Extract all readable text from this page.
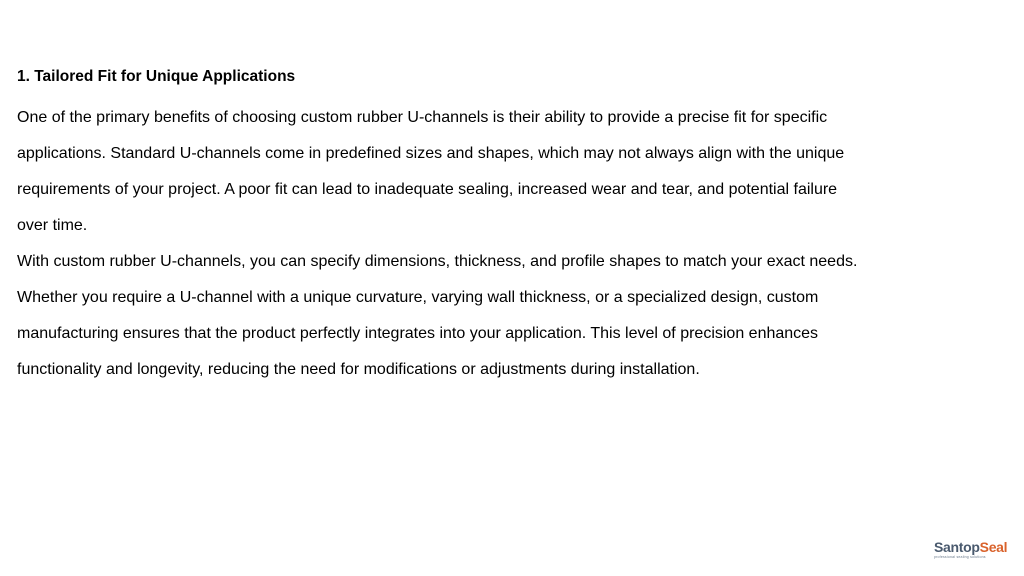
1. Tailored Fit for Unique Applications
One of the primary benefits of choosing custom rubber U-channels is their ability to provide a precise fit for specific
applications. Standard U-channels come in predefined sizes and shapes, which may not always align with the unique
requirements of your project. A poor fit can lead to inadequate sealing, increased wear and tear, and potential failure
over time.
With custom rubber U-channels, you can specify dimensions, thickness, and profile shapes to match your exact needs.
Whether you require a U-channel with a unique curvature, varying wall thickness, or a specialized design, custom
manufacturing ensures that the product perfectly integrates into your application. This level of precision enhances
functionality and longevity, reducing the need for modifications or adjustments during installation.
SantopSeal
professional sealing solutions
